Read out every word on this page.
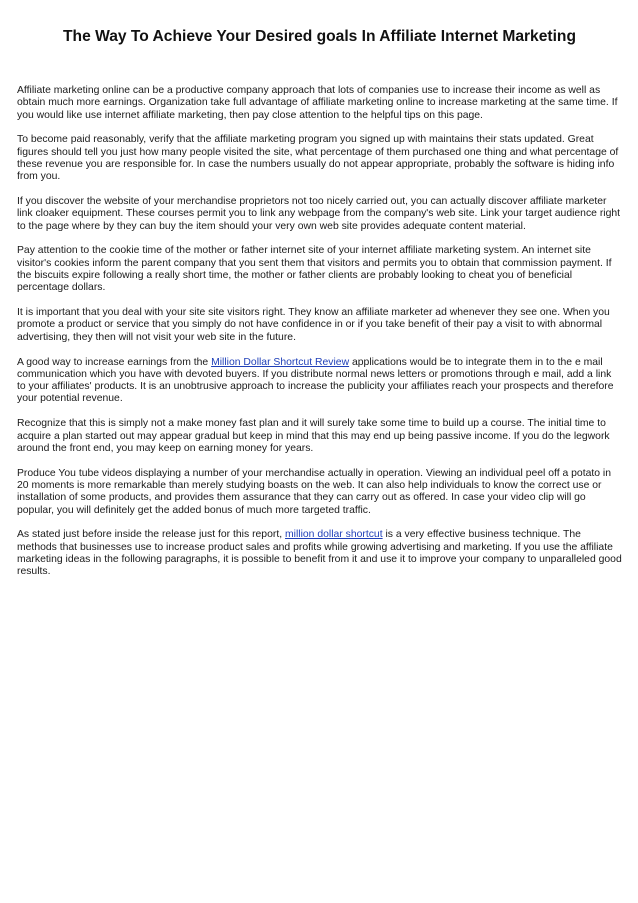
The Way To Achieve Your Desired goals In Affiliate Internet Marketing

Affiliate marketing online can be a productive company approach that lots of companies use to increase their income as well as obtain much more earnings. Organization take full advantage of affiliate marketing online to increase marketing at the same time. If you would like use internet affiliate marketing, then pay close attention to the helpful tips on this page.

To become paid reasonably, verify that the affiliate marketing program you signed up with maintains their stats updated. Great figures should tell you just how many people visited the site, what percentage of them purchased one thing and what percentage of these revenue you are responsible for. In case the numbers usually do not appear appropriate, probably the software is hiding info from you.

If you discover the website of your merchandise proprietors not too nicely carried out, you can actually discover affiliate marketer link cloaker equipment. These courses permit you to link any webpage from the company's web site. Link your target audience right to the page where by they can buy the item should your very own web site provides adequate content material.

Pay attention to the cookie time of the mother or father internet site of your internet affiliate marketing system. An internet site visitor's cookies inform the parent company that you sent them that visitors and permits you to obtain that commission payment. If the biscuits expire following a really short time, the mother or father clients are probably looking to cheat you of beneficial percentage dollars.

It is important that you deal with your site site visitors right. They know an affiliate marketer ad whenever they see one. When you promote a product or service that you simply do not have confidence in or if you take benefit of their pay a visit to with abnormal advertising, they then will not visit your web site in the future.

A good way to increase earnings from the Million Dollar Shortcut Review applications would be to integrate them in to the e mail communication which you have with devoted buyers. If you distribute normal news letters or promotions through e mail, add a link to your affiliates' products. It is an unobtrusive approach to increase the publicity your affiliates reach your prospects and therefore your potential revenue.

Recognize that this is simply not a make money fast plan and it will surely take some time to build up a course. The initial time to acquire a plan started out may appear gradual but keep in mind that this may end up being passive income. If you do the legwork around the front end, you may keep on earning money for years.

Produce You tube videos displaying a number of your merchandise actually in operation. Viewing an individual peel off a potato in 20 moments is more remarkable than merely studying boasts on the web. It can also help individuals to know the correct use or installation of some products, and provides them assurance that they can carry out as offered. In case your video clip will go popular, you will definitely get the added bonus of much more targeted traffic.

As stated just before inside the release just for this report, million dollar shortcut is a very effective business technique. The methods that businesses use to increase product sales and profits while growing advertising and marketing. If you use the affiliate marketing ideas in the following paragraphs, it is possible to benefit from it and use it to improve your company to unparalleled good results.
